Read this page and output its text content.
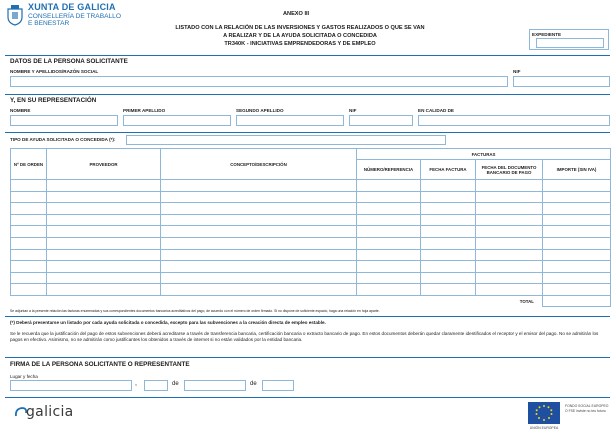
XUNTA DE GALICIA
CONSELLERÍA DE TRABALLO
E BENESTAR
ANEXO III
LISTADO CON LA RELACIÓN DE LAS INVERSIONES Y GASTOS REALIZADOS O QUE SE VAN
A REALIZAR Y DE LA AYUDA SOLICITADA O CONCEDIDA
TR340K - INICIATIVAS EMPRENDEDORAS Y DE EMPLEO
EXPEDIENTE
DATOS DE LA PERSONA SOLICITANTE
NOMBRE Y APELLIDOS/RAZÓN SOCIAL	NIF
Y, EN SU REPRESENTACIÓN
NOMBRE	PRIMER APELLIDO	SEGUNDO APELLIDO	NIF	EN CALIDAD DE
TIPO DE AYUDA SOLICITADA O CONCEDIDA (*):
Nº DE ORDEN	PROVEEDOR	CONCEPTO/DESCRIPCIÓN	FACTURAS			
			NÚMERO/REFERENCIA	FECHA FACTURA	FECHA DEL DOCUMENTO BANCARIO DE PAGO	IMPORTE (SIN IVA)

TOTAL						
Se adjuntan a la presente relación las facturas enumeradas y sus correspondientes documentos bancarios acreditativos del pago, de acuerdo con el número de orden firmado. Si no dispone de suficiente espacio, haga una relación en hoja aparte.
(*) Deberá presentarse un listado por cada ayuda solicitada o concedida, excepto para las subvenciones a la creación directa de empleo estable.
Se le recuerda que la justificación del pago de estos subvenciones deberá acreditarse a través de transferencia bancaria, certificación bancaria o extracto bancario de pago. En estos documentos deberán quedar claramente identificados el receptor y el emisor del pago. No se admitirán los pagos en efectivo. Asimismo, no se admitirán como justificantes los obtenidos a través de internet si no están validados por la entidad bancaria.
FIRMA DE LA PERSONA SOLICITANTE O REPRESENTANTE
Lugar y fecha
,	de	de
galicia	FONDO SOCIAL EUROPEO
O FSE inviste no teu futuro
UNIÓN EUROPEA
